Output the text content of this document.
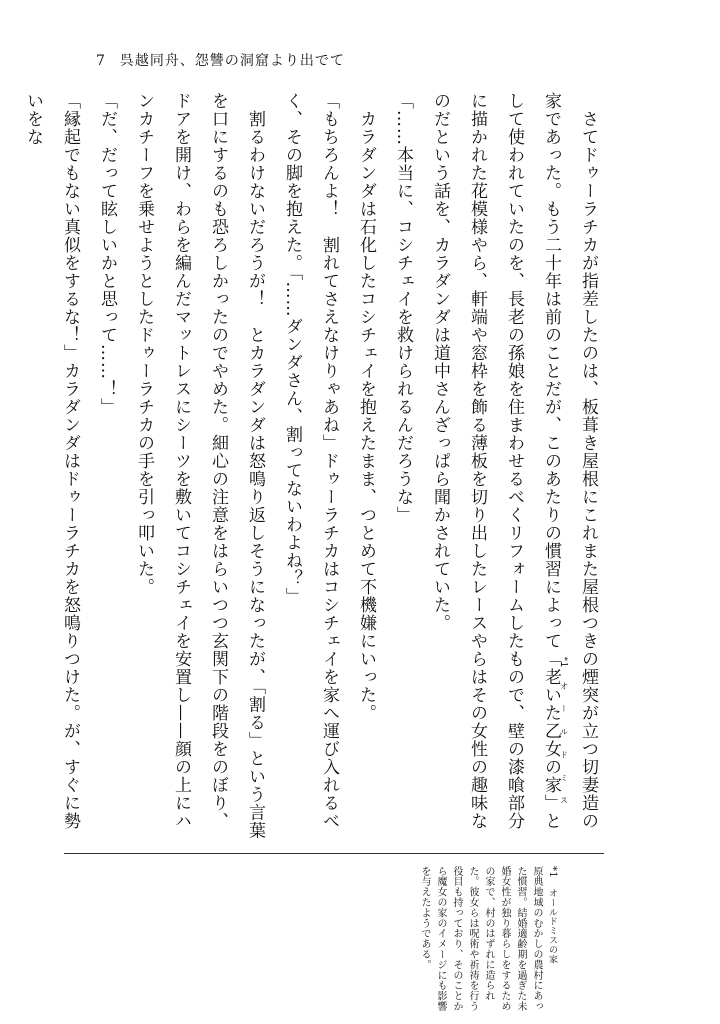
7 呉越同舟、怨讐の洞窟より出でて

　さてドゥーラチカが指差したのは、板葺き屋根にこれまた屋根つきの煙突が立つ切妻造の家であった。もう二十年は前のことだが、このあたりの慣習によって「老いた乙女の家」*1オールドミスとして使われていたのを、長老の孫娘を住まわせるべくリフォームしたもので、壁の漆喰部分に描かれた花模様やら、軒端や窓枠を飾る薄板を切り出したレースやらはその女性の趣味なのだという話を、カラダンダは道中さんざっぱら聞かされていた。

「……本当に、コシチェイを救けられるんだろうな」

　カラダンダは石化したコシチェイを抱えたまま、つとめて不機嫌にいった。

「もちろんよ！　割れてさえなけりゃあね」ドゥーラチカはコシチェイを家へ運び入れるべく、その脚を抱えた。「……ダンダさん、割ってないわよね？」

　割るわけないだろうが！　とカラダンダは怒鳴り返しそうになったが、「割る」という言葉を口にするのも恐ろしかったのでやめた。細心の注意をはらいつつ玄関下の階段をのぼり、ドアを開け、わらを編んだマットレスにシーツを敷いてコシチェイを安置し——顔の上にハンカチーフを乗せようとしたドゥーラチカの手を引っ叩いた。

「だ、だって眩しいかと思って……！」

「縁起でもない真似をするな！」カラダンダはドゥーラチカを怒鳴りつけた。が、すぐに勢いをな

*1　オールドミスの家

原典地域のむかしの農村にあった慣習。結婚適齢期を過ぎた未婚女性が独り暮らしをするための家で、村のはずれに造られた。彼女らは呪術や祈祷を行う役目も持っており、そのことから魔女の家のイメージにも影響を与えたようである。
